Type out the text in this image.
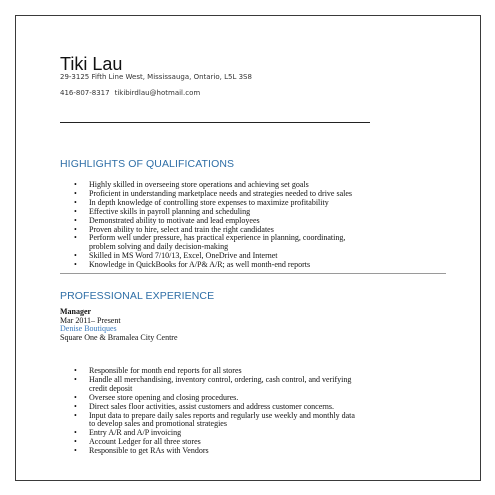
Tiki Lau
29-3125 Fifth Line West, Mississauga, Ontario, L5L 3S8
416-807-8317 tikibirdlau@hotmail.com
HIGHLIGHTS OF QUALIFICATIONS
• Highly skilled in overseeing store operations and achieving set goals
• Proficient in understanding marketplace needs and strategies needed to drive sales
• In depth knowledge of controlling store expenses to maximize profitability
• Effective skills in payroll planning and scheduling
• Demonstrated ability to motivate and lead employees
• Proven ability to hire, select and train the right candidates
• Perform well under pressure, has practical experience in planning, coordinating,
problem solving and daily decision-making
• Skilled in MS Word 7/10/13, Excel, OneDrive and Internet
• Knowledge in QuickBooks for A/P& A/R; as well month-end reports
PROFESSIONAL EXPERIENCE
Manager
Mar 2011– Present
Denise Boutiques
Square One & Bramalea City Centre
• Responsible for month end reports for all stores
• Handle all merchandising, inventory control, ordering, cash control, and verifying
credit deposit
• Oversee store opening and closing procedures.
• Direct sales floor activities, assist customers and address customer concerns.
• Input data to prepare daily sales reports and regularly use weekly and monthly data
to develop sales and promotional strategies
• Entry A/R and A/P invoicing
• Account Ledger for all three stores
• Responsible to get RAs with Vendors
